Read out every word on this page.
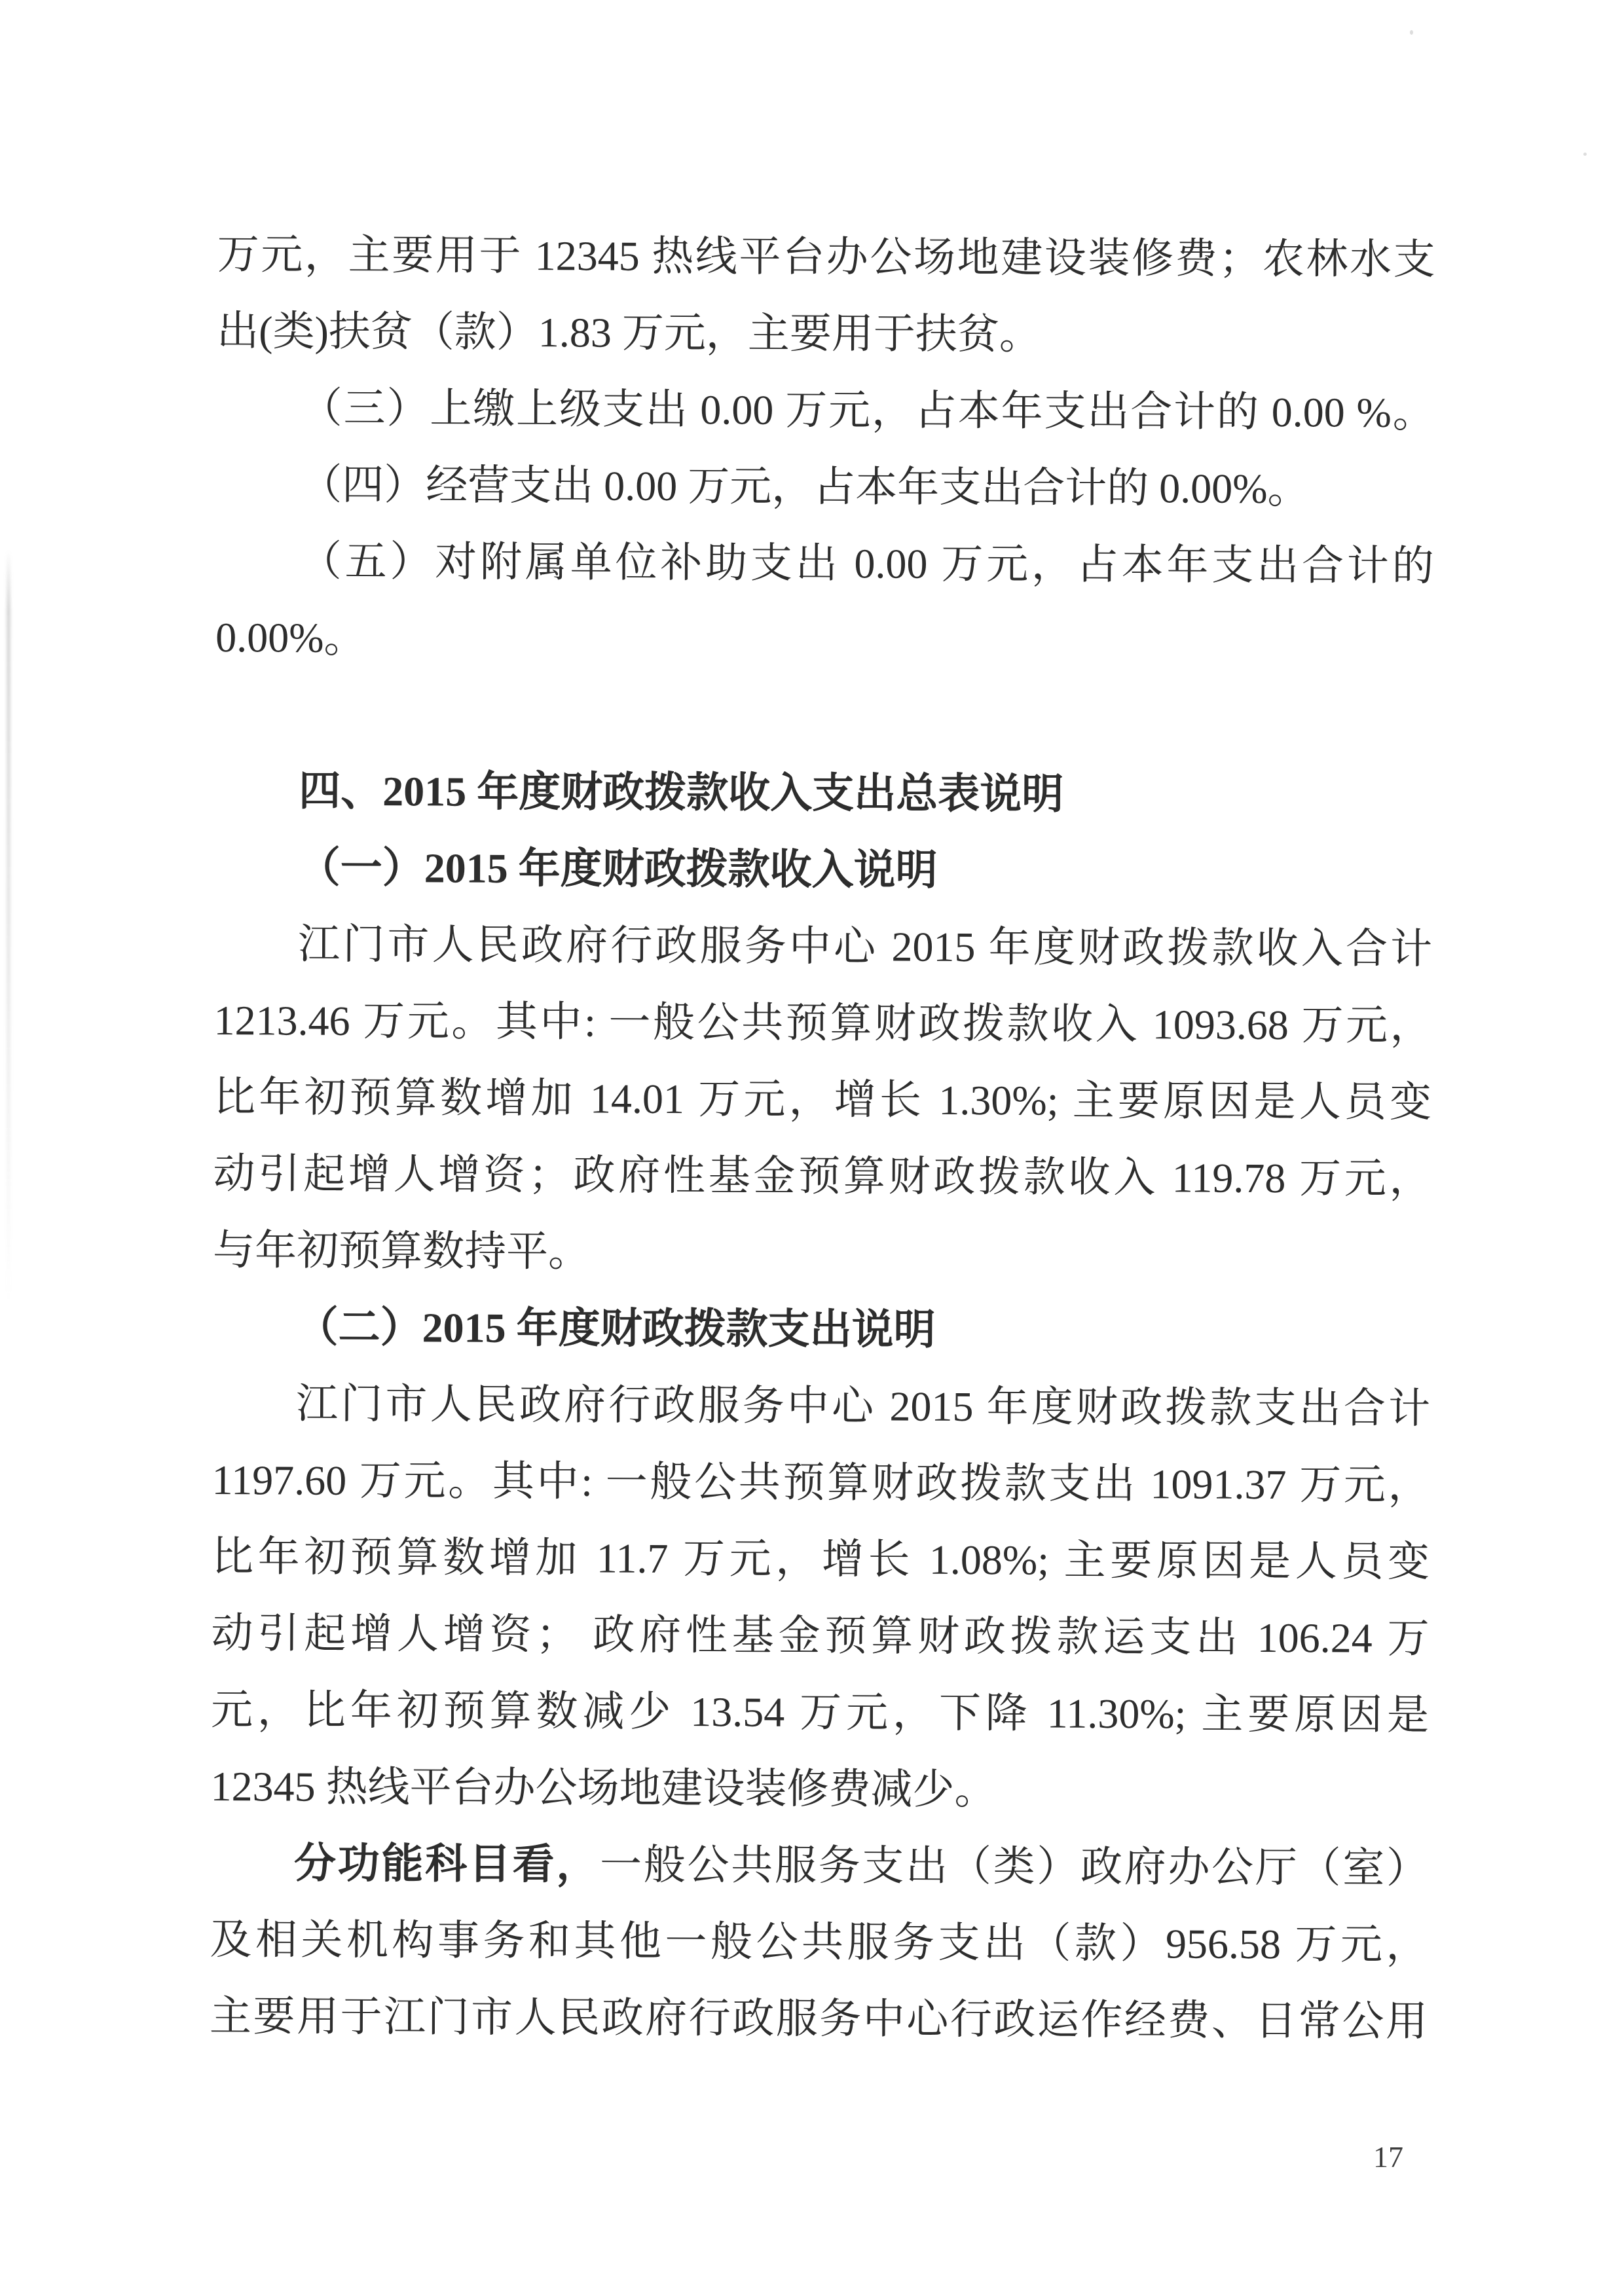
万元，主要用于 12345 热线平台办公场地建设装修费；农林水支
出(类)扶贫（款）1.83 万元，主要用于扶贫。
（三）上缴上级支出 0.00 万元，占本年支出合计的 0.00 %。
（四）经营支出 0.00 万元，占本年支出合计的 0.00%。
（五）对附属单位补助支出 0.00 万元，占本年支出合计的
0.00%。
四、2015 年度财政拨款收入支出总表说明
（一）2015 年度财政拨款收入说明
江门市人民政府行政服务中心 2015 年度财政拨款收入合计
1213.46 万元。其中: 一般公共预算财政拨款收入 1093.68 万元，
比年初预算数增加 14.01 万元，增长 1.30%; 主要原因是人员变
动引起增人增资；政府性基金预算财政拨款收入 119.78 万元，
与年初预算数持平。
（二）2015 年度财政拨款支出说明
江门市人民政府行政服务中心 2015 年度财政拨款支出合计
1197.60 万元。其中: 一般公共预算财政拨款支出 1091.37 万元，
比年初预算数增加 11.7 万元，增长 1.08%; 主要原因是人员变
动引起增人增资； 政府性基金预算财政拨款运支出 106.24 万
元，比年初预算数减少 13.54 万元，下降 11.30%; 主要原因是
12345 热线平台办公场地建设装修费减少。
分功能科目看，一般公共服务支出（类）政府办公厅（室）
及相关机构事务和其他一般公共服务支出（款）956.58 万元，
主要用于江门市人民政府行政服务中心行政运作经费、日常公用
17
